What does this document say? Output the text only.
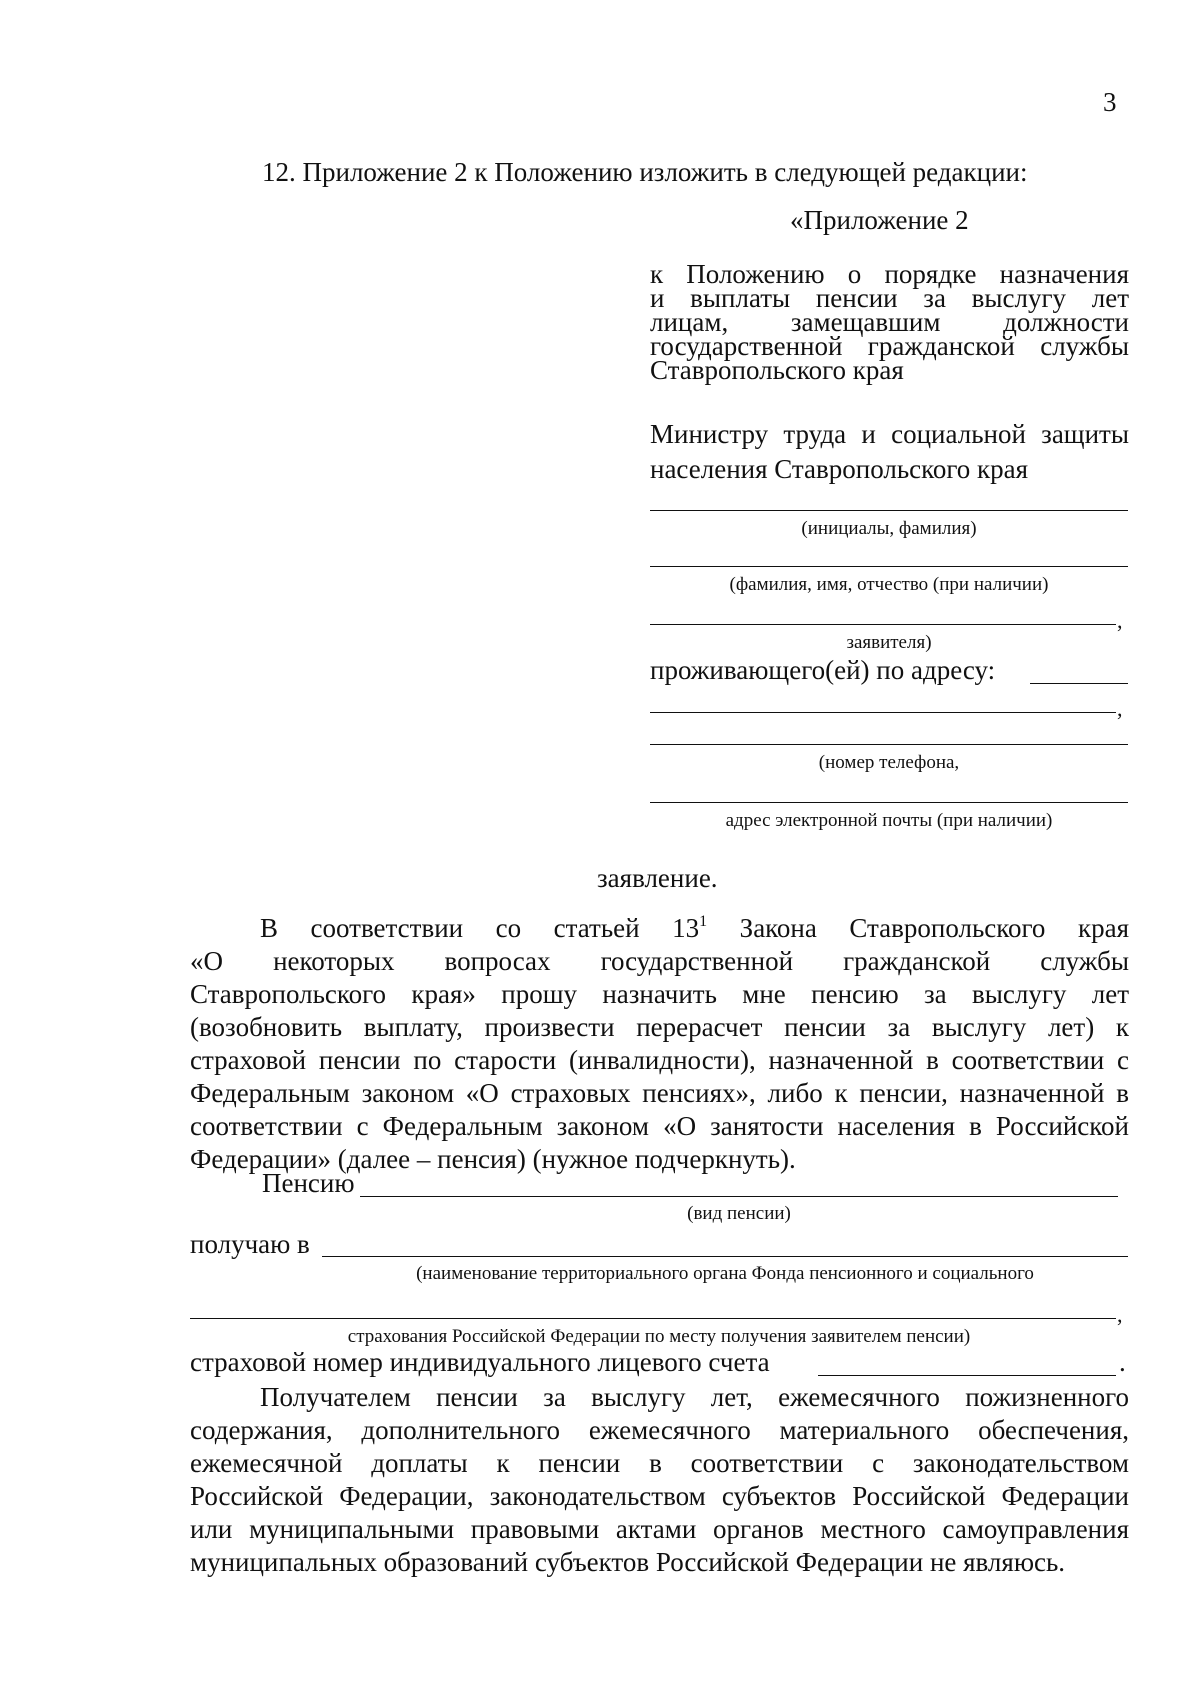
3
12. Приложение 2 к Положению изложить в следующей редакции:
«Приложение 2
к Положению о порядке назначения
и выплаты пенсии за выслугу лет
лицам, замещавшим должности
государственной гражданской службы
Ставропольского края
Министру труда и социальной защиты
населения Ставропольского края
(инициалы, фамилия)
(фамилия, имя, отчество (при наличии)
,
заявителя)
проживающего(ей) по адресу:
,
(номер телефона,
адрес электронной почты (при наличии)
заявление.
В соответствии со статьей $13^1$ Закона Ставропольского края
«О некоторых вопросах государственной гражданской службы
Ставропольского края» прошу назначить мне пенсию за выслугу лет
(возобновить выплату, произвести перерасчет пенсии за выслугу лет) к
страховой пенсии по старости (инвалидности), назначенной в соответствии с
Федеральным законом «О страховых пенсиях», либо к пенсии, назначенной в
соответствии с Федеральным законом «О занятости населения в Российской
Федерации» (далее – пенсия) (нужное подчеркнуть).
Пенсию
(вид пенсии)
получаю в
(наименование территориального органа Фонда пенсионного и социального
,
страхования Российской Федерации по месту получения заявителем пенсии)
страховой номер индивидуального лицевого счета	.
Получателем пенсии за выслугу лет, ежемесячного пожизненного
содержания, дополнительного ежемесячного материального обеспечения,
ежемесячной доплаты к пенсии в соответствии с законодательством
Российской Федерации, законодательством субъектов Российской Федерации
или муниципальными правовыми актами органов местного самоуправления
муниципальных образований субъектов Российской Федерации не являюсь.
